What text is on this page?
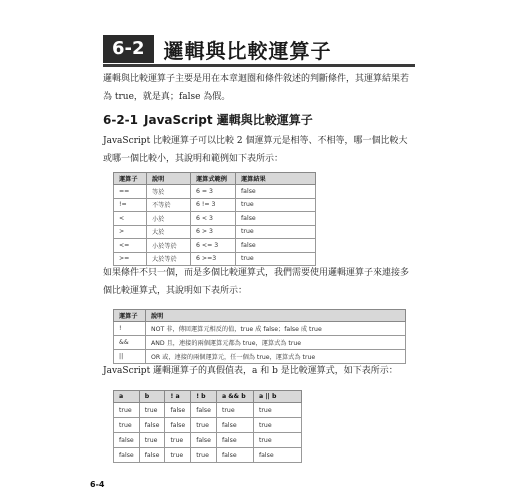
6-2 邏輯與比較運算子
邏輯與比較運算子主要是用在本章迴圈和條件敘述的判斷條件，其運算結果若為 true，就是真；false 為假。
6-2-1 JavaScript 邏輯與比較運算子
JavaScript 比較運算子可以比較 2 個運算元是相等、不相等，哪一個比較大或哪一個比較小，其說明和範例如下表所示：
運算子	說明	運算式範例	運算結果
==	等於	6 = 3	false
!=	不等於	6 != 3	true
<	小於	6 < 3	false
>	大於	6 > 3	true
<=	小於等於	6 <= 3	false
>=	大於等於	6 >=3	true
如果條件不只一個，而是多個比較運算式，我們需要使用邏輯運算子來連接多個比較運算式，其說明如下表所示：
運算子	說明
!	NOT 非，傳回運算元相反的值，true 成 false；false 成 true
&&	AND 且，連接的兩個運算元都為 true，運算式為 true
||	OR 或，連接的兩個運算元，任一個為 true，運算式為 true
JavaScript 邏輯運算子的真假值表，a 和 b 是比較運算式，如下表所示：
a	b	! a	! b	a && b	a || b
true	true	false	false	true	true
true	false	false	true	false	true
false	true	true	false	false	true
false	false	true	true	false	false
6-4
